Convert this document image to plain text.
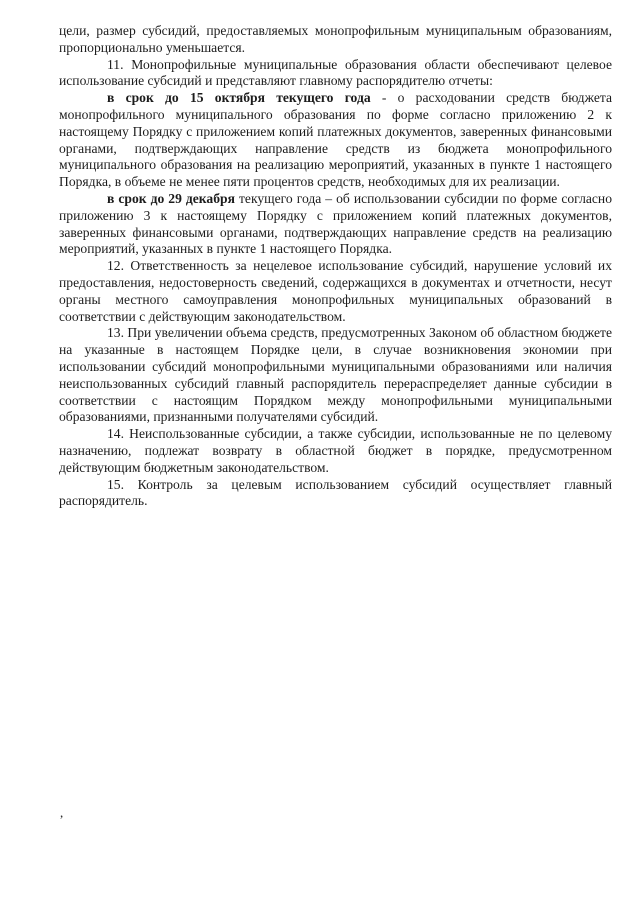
цели, размер субсидий, предоставляемых монопрофильным муниципальным образованиям, пропорционально уменьшается.

11. Монопрофильные муниципальные образования области обеспечивают целевое использование субсидий и представляют главному распорядителю отчеты:

в срок до 15 октября текущего года - о расходовании средств бюджета монопрофильного муниципального образования по форме согласно приложению 2 к настоящему Порядку с приложением копий платежных документов, заверенных финансовыми органами, подтверждающих направление средств из бюджета монопрофильного муниципального образования на реализацию мероприятий, указанных в пункте 1 настоящего Порядка, в объеме не менее пяти процентов средств, необходимых для их реализации.

в срок до 29 декабря текущего года – об использовании субсидии по форме согласно приложению 3 к настоящему Порядку с приложением копий платежных документов, заверенных финансовыми органами, подтверждающих направление средств на реализацию мероприятий, указанных в пункте 1 настоящего Порядка.

12. Ответственность за нецелевое использование субсидий, нарушение условий их предоставления, недостоверность сведений, содержащихся в документах и отчетности, несут органы местного самоуправления монопрофильных муниципальных образований в соответствии с действующим законодательством.

13. При увеличении объема средств, предусмотренных Законом об областном бюджете на указанные в настоящем Порядке цели, в случае возникновения экономии при использовании субсидий монопрофильными муниципальными образованиями или наличия неиспользованных субсидий главный распорядитель перераспределяет данные субсидии в соответствии с настоящим Порядком между монопрофильными муниципальными образованиями, признанными получателями субсидий.

14. Неиспользованные субсидии, а также субсидии, использованные не по целевому назначению, подлежат возврату в областной бюджет в порядке, предусмотренном действующим бюджетным законодательством.

15. Контроль за целевым использованием субсидий осуществляет главный распорядитель.

,
